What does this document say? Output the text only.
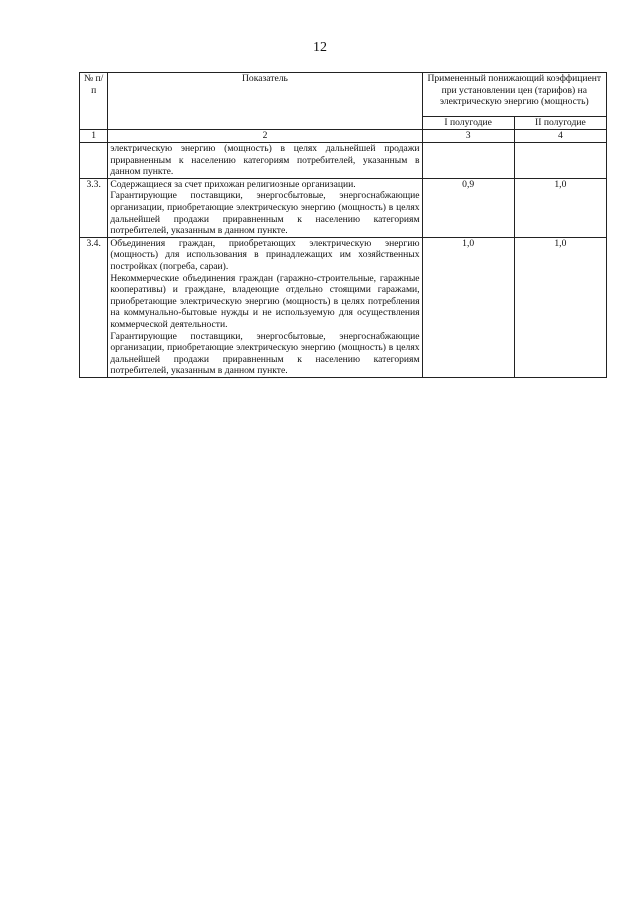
12
№ п/п	Показатель	Примененный понижающий коэффициент при установлении цен (тарифов) на электрическую энергию (мощность)	
		I полугодие	II полугодие
1	2	3	4

	электрическую энергию (мощность) в целях дальнейшей продажи приравненным к населению категориям потребителей, указанным в данном пункте.		

3.3.	Содержащиеся за счет прихожан религиозные организации.
Гарантирующие поставщики, энергосбытовые, энергоснабжающие организации, приобретающие электрическую энергию (мощность) в целях дальнейшей продажи приравненным к населению категориям потребителей, указанным в данном пункте.	0,9	1,0
3.4.	Объединения граждан, приобретающих электрическую энергию (мощность) для использования в принадлежащих им хозяйственных постройках (погреба, сараи).
Некоммерческие объединения граждан (гаражно-строительные, гаражные кооперативы) и граждане, владеющие отдельно стоящими гаражами, приобретающие электрическую энергию (мощность) в целях потребления на коммунально-бытовые нужды и не используемую для осуществления коммерческой деятельности.
Гарантирующие поставщики, энергосбытовые, энергоснабжающие организации, приобретающие электрическую энергию (мощность) в целях дальнейшей продажи приравненным к населению категориям потребителей, указанным в данном пункте.	1,0	1,0
